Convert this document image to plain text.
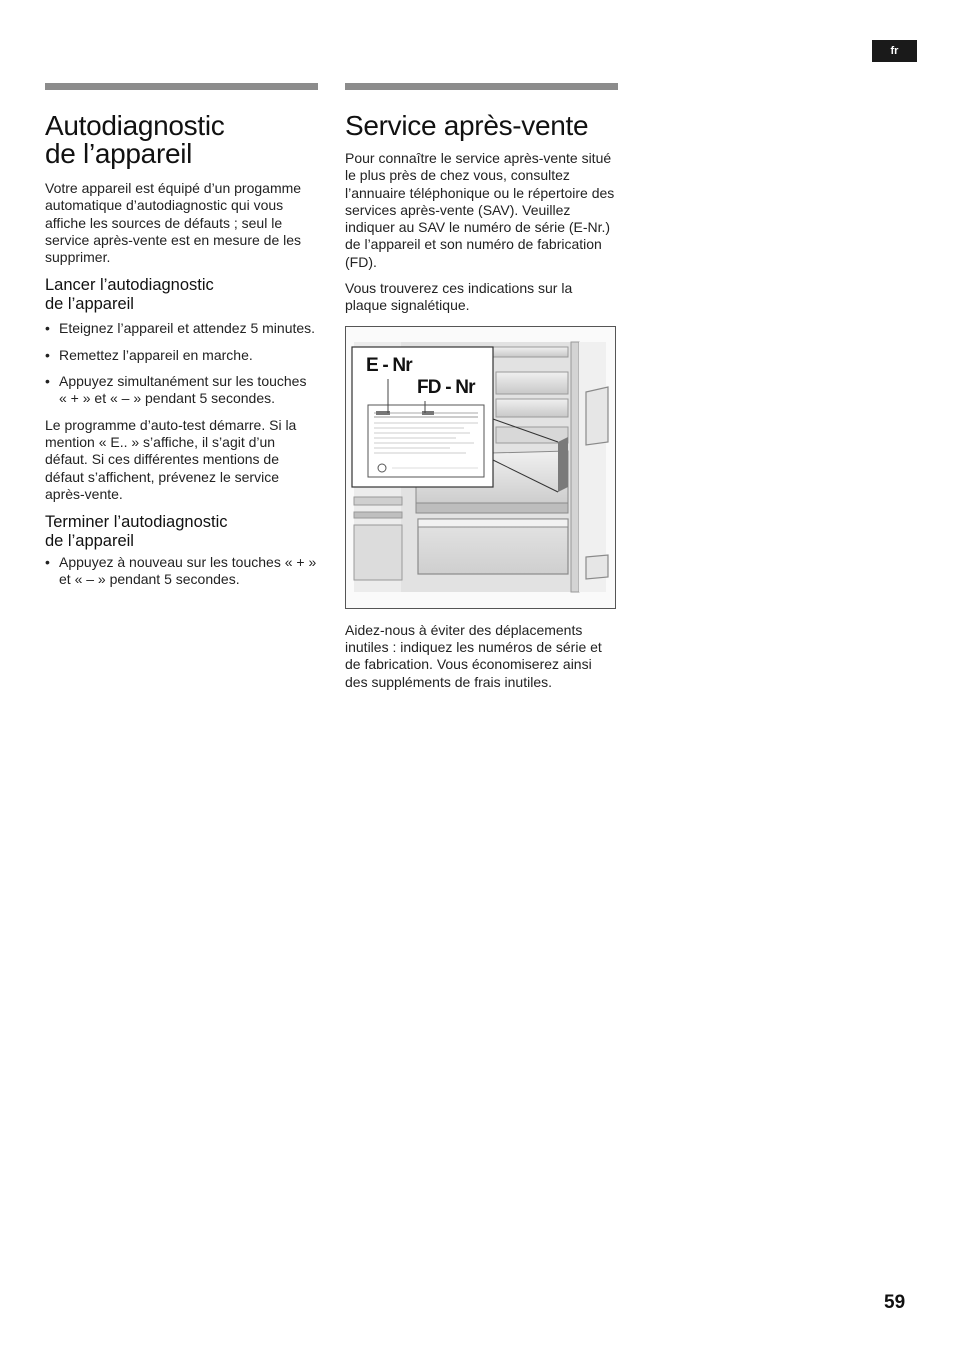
fr
Autodiagnostic
de l’appareil

Votre appareil est équipé d’un progamme automatique d’autodiagnostic qui vous affiche les sources de défauts ; seul le service après-vente est en mesure de les supprimer.

Lancer l’autodiagnostic
de l’appareil
• Eteignez l’appareil et attendez 5 minutes.
• Remettez l’appareil en marche.
• Appuyez simultanément sur les touches « + » et « – » pendant 5 secondes.

Le programme d’auto-test démarre. Si la mention « E.. » s’affiche, il s’agit d’un défaut. Si ces différentes mentions de défaut s’affichent, prévenez le service après-vente.

Terminer l’autodiagnostic
de l’appareil
• Appuyez à nouveau sur les touches « + » et « – » pendant 5 secondes.
Service après-vente

Pour connaître le service après-vente situé le plus près de chez vous, consultez l’annuaire téléphonique ou le répertoire des services après-vente (SAV). Veuillez indiquer au SAV le numéro de série (E-Nr.) de l’appareil et son numéro de fabrication (FD).

Vous trouverez ces indications sur la plaque signalétique.

E - Nr
FD - Nr

Aidez-nous à éviter des déplacements inutiles : indiquez les numéros de série et de fabrication. Vous économiserez ainsi des suppléments de frais inutiles.

59
